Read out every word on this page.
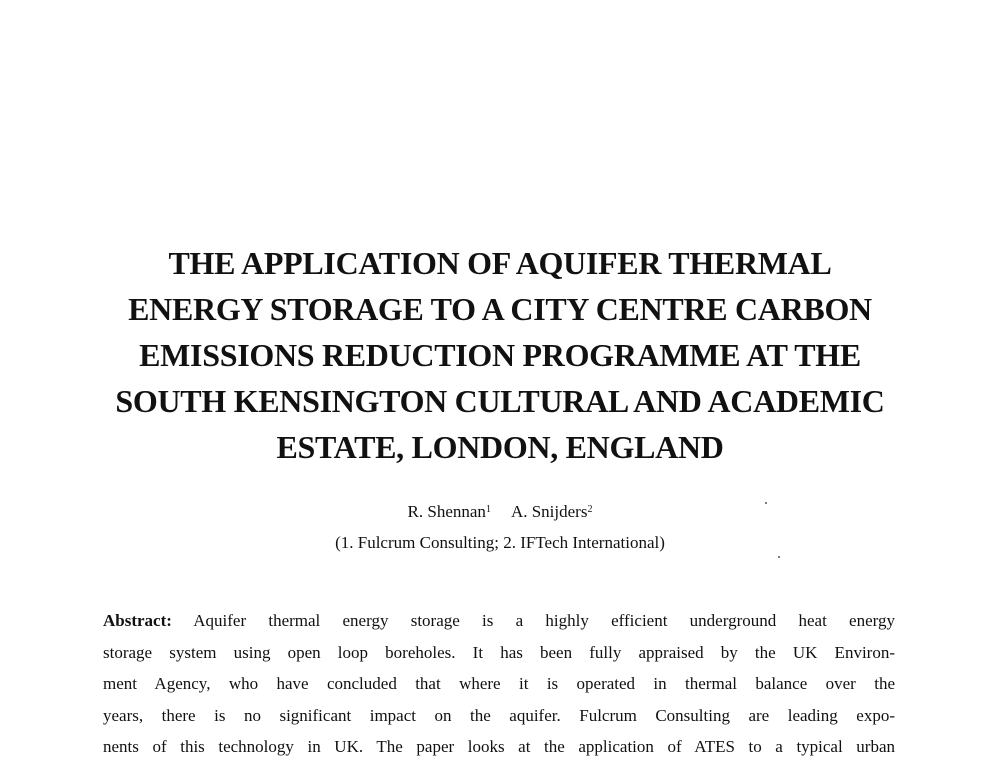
THE APPLICATION OF AQUIFER THERMAL
ENERGY STORAGE TO A CITY CENTRE CARBON
EMISSIONS REDUCTION PROGRAMME AT THE
SOUTH KENSINGTON CULTURAL AND ACADEMIC
ESTATE, LONDON, ENGLAND
R. Shennan$^1$ A. Snijders$^2$
(1. Fulcrum Consulting; 2. IFTech International)
Abstract: Aquifer thermal energy storage is a highly efficient underground heat energy
storage system using open loop boreholes. It has been fully appraised by the UK Environ-
ment Agency, who have concluded that where it is operated in thermal balance over the
years, there is no significant impact on the aquifer. Fulcrum Consulting are leading expo-
nents of this technology in UK. The paper looks at the application of ATES to a typical urban
